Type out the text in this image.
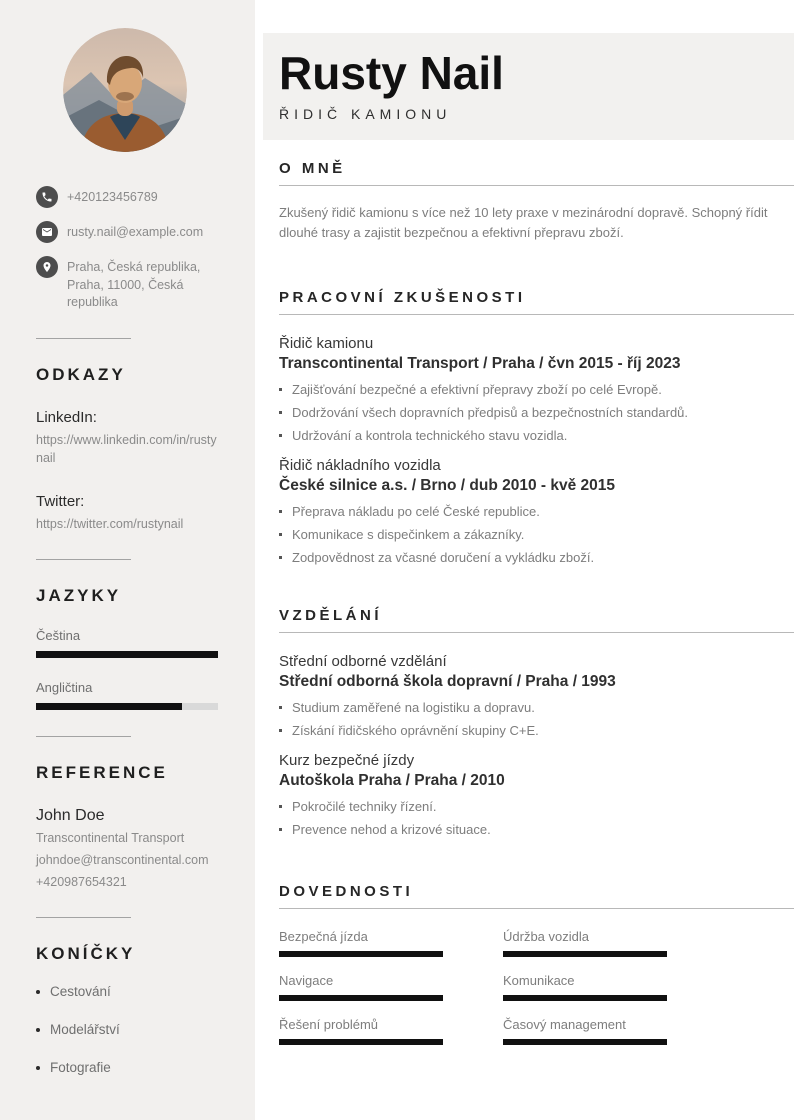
+420123456789
rusty.nail@example.com
Praha, Česká republika, Praha, 11000, Česká republika
ODKAZY
LinkedIn:
https://www.linkedin.com/in/rustynail
Twitter:
https://twitter.com/rustynail
JAZYKY
Čeština
Angličtina
REFERENCE
John Doe
Transcontinental Transport
johndoe@transcontinental.com
+420987654321
KONÍČKY
Cestování
Modelářství
Fotografie
Rusty Nail
ŘIDIČ KAMIONU
O MNĚ

Zkušený řidič kamionu s více než 10 lety praxe v mezinárodní dopravě. Schopný řídit dlouhé trasy a zajistit bezpečnou a efektivní přepravu zboží.

PRACOVNÍ ZKUŠENOSTI
Řidič kamionu
Transcontinental Transport / Praha / čvn 2015 - říj 2023
Zajišťování bezpečné a efektivní přepravy zboží po celé Evropě.
Dodržování všech dopravních předpisů a bezpečnostních standardů.
Udržování a kontrola technického stavu vozidla.
Řidič nákladního vozidla
České silnice a.s. / Brno / dub 2010 - kvě 2015
Přeprava nákladu po celé České republice.
Komunikace s dispečinkem a zákazníky.
Zodpovědnost za včasné doručení a vykládku zboží.
VZDĚLÁNÍ
Střední odborné vzdělání
Střední odborná škola dopravní / Praha / 1993
Studium zaměřené na logistiku a dopravu.
Získání řidičského oprávnění skupiny C+E.
Kurz bezpečné jízdy
Autoškola Praha / Praha / 2010
Pokročilé techniky řízení.
Prevence nehod a krizové situace.
DOVEDNOSTI
Bezpečná jízda	Údržba vozidla
Navigace	Komunikace
Řešení problémů	Časový management
